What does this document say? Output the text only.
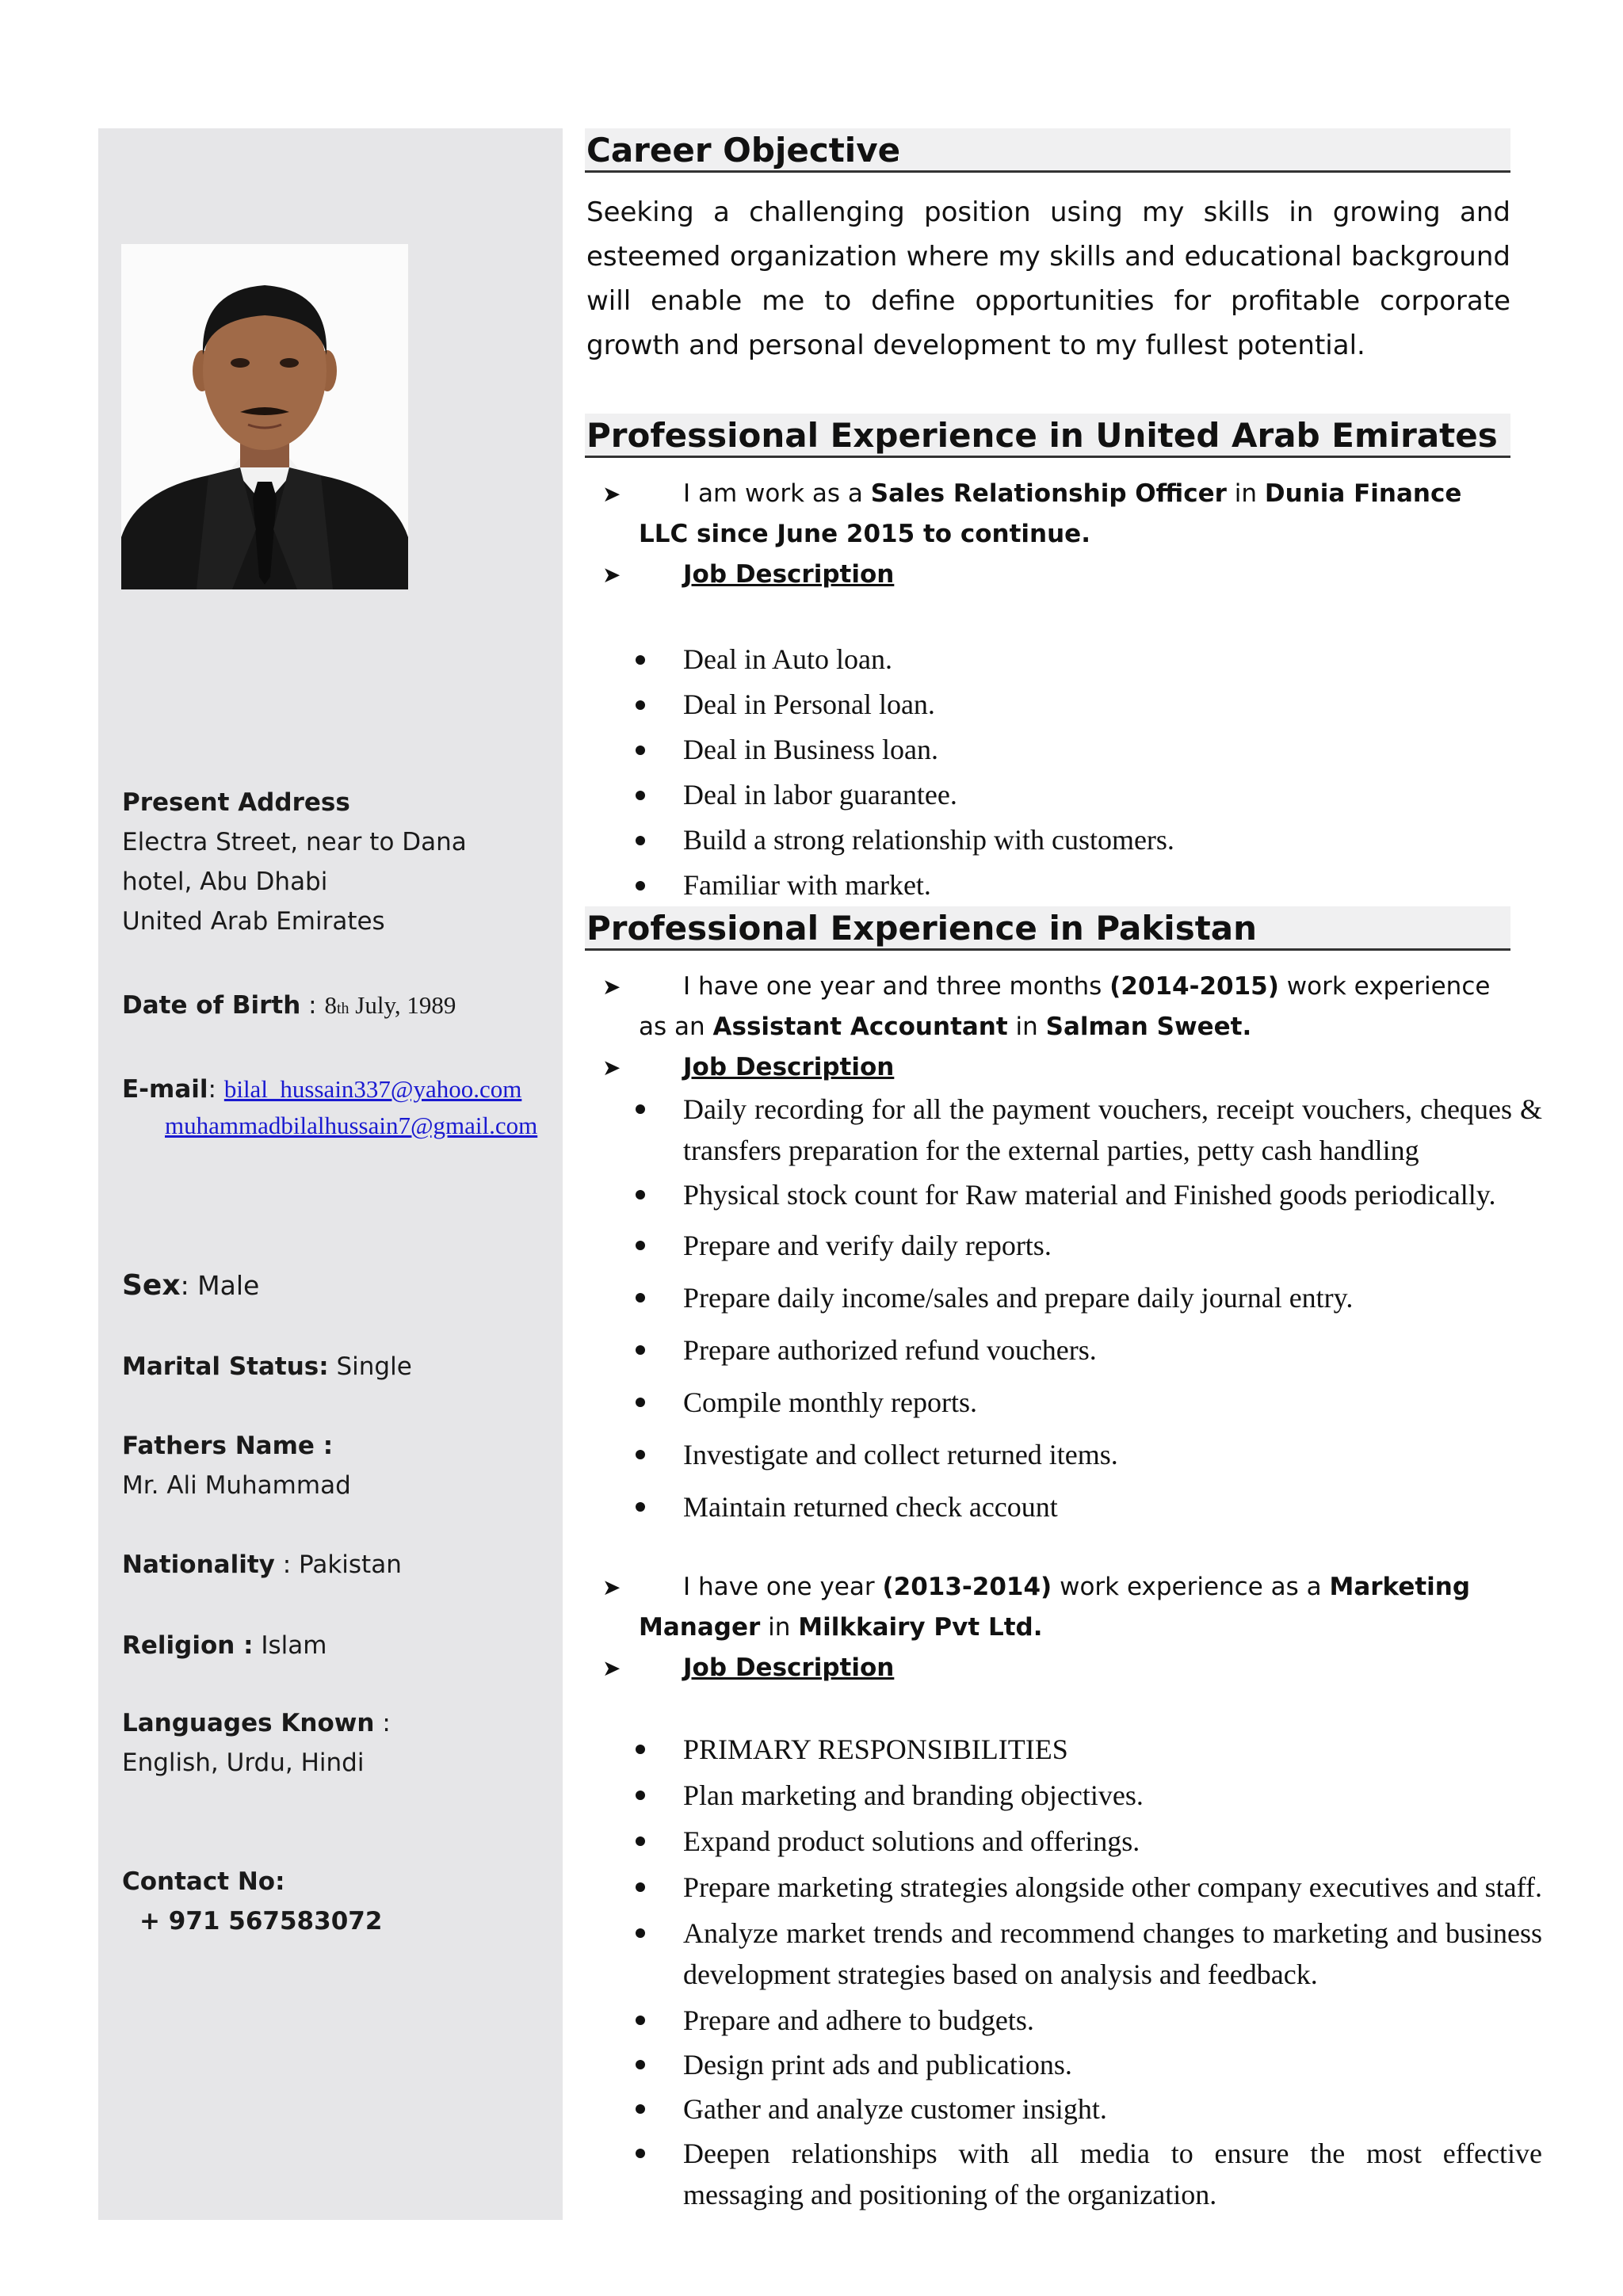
Present Address
Electra Street, near to Dana
hotel, Abu Dhabi
United Arab Emirates
Date of Birth : 8th July, 1989
E-mail: bilal_hussain337@yahoo.com
muhammadbilalhussain7@gmail.com
Sex: Male
Marital Status: Single
Fathers Name :
Mr. Ali Muhammad
Nationality : Pakistan
Religion : Islam
Languages Known :
English, Urdu, Hindi
Contact No:
+ 971 567583072
Career Objective
Seeking a challenging position using my skills in growing and esteemed organization where my skills and educational background will enable me to define opportunities for profitable corporate growth and personal development to my fullest potential.
Professional Experience in United Arab Emirates
➤	I am work as a Sales Relationship Officer in Dunia Finance
LLC since June 2015 to continue.
➤	Job Description
Deal in Auto loan.
Deal in Personal loan.
Deal in Business loan.
Deal in labor guarantee.
Build a strong relationship with customers.
Familiar with market.
Professional Experience in Pakistan
➤	I have one year and three months (2014-2015) work experience
as an Assistant Accountant in Salman Sweet.
➤	Job Description
Daily recording for all the payment vouchers, receipt vouchers, cheques & transfers preparation for the external parties, petty cash handling
Physical stock count for Raw material and Finished goods periodically.
Prepare and verify daily reports.
Prepare daily income/sales and prepare daily journal entry.
Prepare authorized refund vouchers.
Compile monthly reports.
Investigate and collect returned items.
Maintain returned check account
➤	I have one year (2013-2014) work experience as a Marketing
Manager in Milkkairy Pvt Ltd.
➤	Job Description
PRIMARY RESPONSIBILITIES
Plan marketing and branding objectives.
Expand product solutions and offerings.
Prepare marketing strategies alongside other company executives and staff.
Analyze market trends and recommend changes to marketing and business development strategies based on analysis and feedback.
Prepare and adhere to budgets.
Design print ads and publications.
Gather and analyze customer insight.
Deepen relationships with all media to ensure the most effective messaging and positioning of the organization.
